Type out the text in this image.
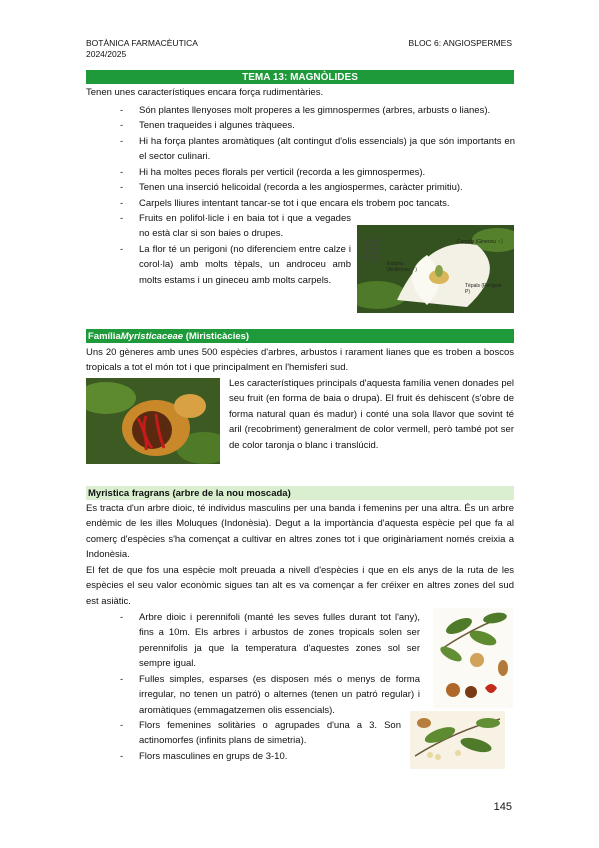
BOTÀNICA FARMACÈUTICA
2024/2025
BLOC 6: ANGIOSPERMES
TEMA 13: MAGNÒLIDES
Tenen unes característiques encara força rudimentàries.
- Són plantes llenyoses molt properes a les gimnospermes (arbres, arbusts o lianes).
- Tenen traqueides i algunes tràquees.
- Hi ha força plantes aromàtiques (alt contingut d'olis essencials) ja que són importants en el sector culinari.
- Hi ha moltes peces florals per verticil (recorda a les gimnospermes).
- Tenen una inserció helicoidal (recorda a les angiospermes, caràcter primitiu).
- Carpels lliures intentant tancar-se tot i que encara els trobem poc tancats.
- Fruits en polifol·licle i en baia tot i que a vegades no està clar si son baies o drupes.
- La flor té un perigoni (no diferenciem entre calze i corol·la) amb molts tèpals, un androceu amb molts estams i un gineceu amb molts carpels.
Carpels (Gineceu ♀)
Estams (Androceu ♂)
Tèpals (Perigoni P)
Família Myristicaceae (Miristicàcies)
Uns 20 gèneres amb unes 500 espècies d'arbres, arbustos i rarament lianes que es troben a boscos tropicals a tot el món tot i que principalment en l'hemisferi sud.
Les característiques principals d'aquesta família venen donades pel seu fruit (en forma de baia o drupa). El fruit és dehiscent (s'obre de forma natural quan és madur) i conté una sola llavor que sovint té aril (recobriment) generalment de color vermell, però també pot ser de color taronja o blanc i translúcid.
Myristica fragrans (arbre de la nou moscada)
Es tracta d'un arbre dioic, té individus masculins per una banda i femenins per una altra. És un arbre endèmic de les illes Moluques (Indonèsia). Degut a la importància d'aquesta espècie pel que fa al comerç d'espècies s'ha començat a cultivar en altres zones tot i que originàriament només creixia a Indonèsia.
El fet de que fos una espècie molt preuada a nivell d'espècies i que en els anys de la ruta de les espècies el seu valor econòmic sigues tan alt es va començar a fer créixer en altres zones del sud est asiàtic.
- Arbre dioic i perennifoli (manté les seves fulles durant tot l'any), fins a 10m. Els arbres i arbustos de zones tropicals solen ser perennifolis ja que la temperatura d'aquestes zones sol ser sempre igual.
- Fulles simples, esparses (es disposen més o menys de forma irregular, no tenen un patró) o alternes (tenen un patró regular) i aromàtiques (emmagatzemen olis essencials).
- Flors femenines solitàries o agrupades d'una a 3. Son actinomorfes (infinits plans de simetria).
- Flors masculines en grups de 3-10.
145
